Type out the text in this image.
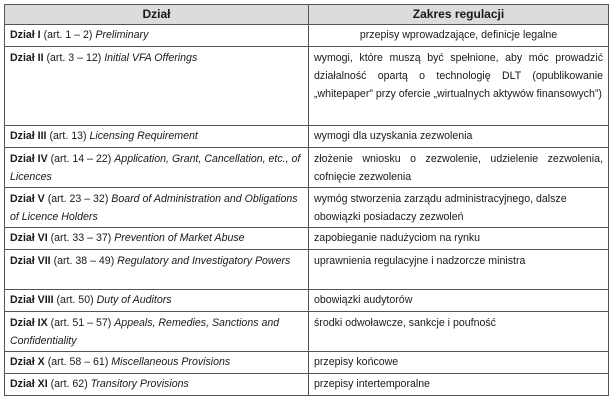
Dział	Zakres regulacji
Dział I (art. 1 – 2) Preliminary	przepisy wprowadzające, definicje legalne
Dział II (art. 3 – 12) Initial VFA Offerings	wymogi, które muszą być spełnione, aby móc prowadzić działalność opartą o technologię DLT (opublikowanie „whitepaper” przy ofercie „wirtualnych aktywów finansowych”)
Dział III (art. 13) Licensing Requirement	wymogi dla uzyskania zezwolenia
Dział IV (art. 14 – 22) Application, Grant, Cancellation, etc., of Licences	złożenie wniosku o zezwolenie, udzielenie zezwolenia, cofnięcie zezwolenia
Dział V (art. 23 – 32) Board of Administration and Obligations of Licence Holders	wymóg stworzenia zarządu administracyjnego, dalsze obowiązki posiadaczy zezwoleń
Dział VI (art. 33 – 37) Prevention of Market Abuse	zapobieganie nadużyciom na rynku
Dział VII (art. 38 – 49) Regulatory and Investigatory Powers	uprawnienia regulacyjne i nadzorcze ministra
Dział VIII (art. 50) Duty of Auditors	obowiązki audytorów
Dział IX (art. 51 – 57) Appeals, Remedies, Sanctions and Confidentiality	środki odwoławcze, sankcje i poufność
Dział X (art. 58 – 61) Miscellaneous Provisions	przepisy końcowe
Dział XI (art. 62) Transitory Provisions	przepisy intertemporalne
